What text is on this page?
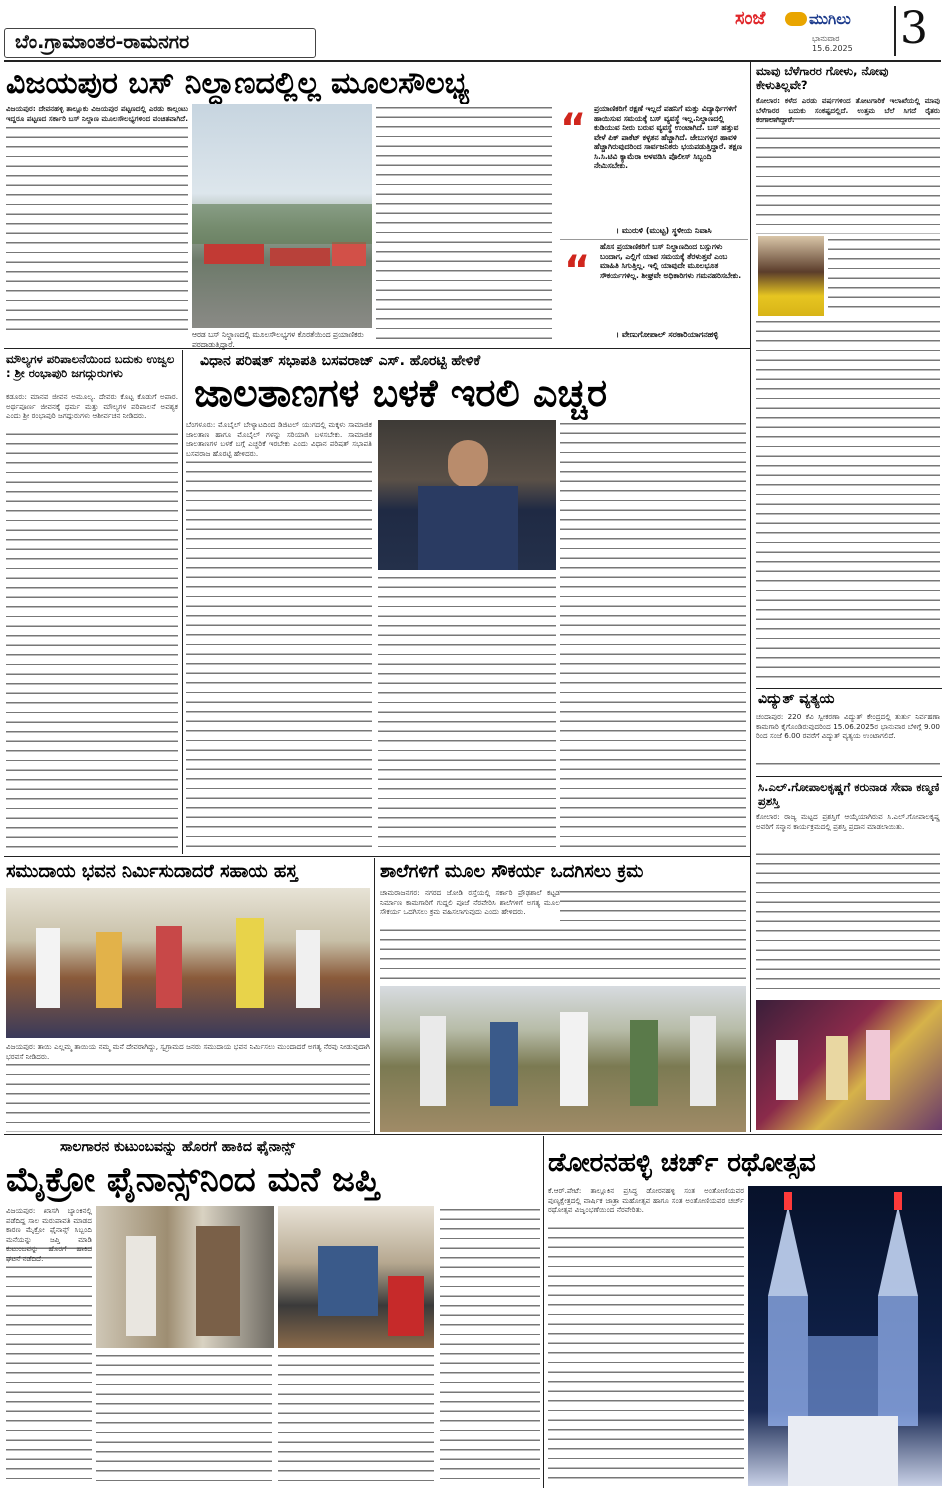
ಬೆಂ.ಗ್ರಾಮಾಂತರ-ರಾಮನಗರ
ಸಂಜೆ	ಮುಗಿಲು
ಭಾನುವಾರ
15.6.2025 3
ವಿಜಯಪುರ ಬಸ್ ನಿಲ್ದಾಣದಲ್ಲಿಲ್ಲ ಮೂಲಸೌಲಭ್ಯ

ವಿಜಯಪುರ: ದೇವನಹಳ್ಳಿ ತಾಲ್ಲೂಕು ವಿಜಯಪುರ ಪಟ್ಟಣದಲ್ಲಿ ಎರಡು ಕಾಲ್ಗಂಟು ಇದ್ದರೂ ಪಟ್ಟಣದ ಸರ್ಕಾರಿ ಬಸ್ ನಿಲ್ದಾಣ ಮೂಲಸೌಲಭ್ಯಗಳಿಂದ ವಂಚಿತವಾಗಿದೆ.

ಆರಡ ಬಸ್ ನಿಲ್ದಾಣದಲ್ಲಿ ಮೂಲಸೌಲಭ್ಯಗಳ ಕೊರತೆಯಿಂದ ಪ್ರಯಾಣಿಕರು ಪರದಾಡುತ್ತಿದ್ದಾರೆ.
“ ಪ್ರಯಾಣಿಕರಿಗೆ ರಕ್ಷಣೆ ಇಲ್ಲದೆ ಪಹನಿಗೆ ಮತ್ತು ವಿದ್ಯಾರ್ಥಿಗಳಿಗೆ ಹಾಯಿಸುವ ಸಮಯಕ್ಕೆ ಬಸ್ ವ್ಯವಸ್ಥೆ ಇಲ್ಲ.ನಿಲ್ದಾಣದಲ್ಲಿ ಕುಡಿಯುವ ನೀರು ಬರುವ ವ್ಯವಸ್ಥೆ ಉಂಟಾಗಿದೆ. ಬಸ್ ಹತ್ತುವ ವೇಳೆ ಪಿಕ್ ಪಾಕೆಟ್ ಕಳ್ಳತನ ಹೆಚ್ಚಾಗಿದೆ. ಜೇಬುಗಳ್ಳರ ಹಾವಳಿ ಹೆಚ್ಚಾಗಿರುವುದರಿಂದ ಸಾರ್ವಜನಿಕರು ಭಯಪಡುತ್ತಿದ್ದಾರೆ. ತಕ್ಷಣ ಸಿ.ಸಿ.ಟಿವಿ ಕ್ಯಾಮೆರಾ ಅಳವಡಿಸಿ ಪೊಲೀಸ್ ಸಿಬ್ಬಂದಿ ನೇಮಿಸಬೇಕು.
। ಮುರುಳಿ (ಮುಟ್ಟ) ಸ್ಥಳೀಯ ನಿವಾಸಿ
“
ಹೊಸ ಪ್ರಯಾಣಿಕರಿಗೆ ಬಸ್ ನಿಲ್ದಾಣದಿಂದ ಬಸ್ಸುಗಳು ಬಂದಾಗ, ಎಲ್ಲಿಗೆ ಯಾವ ಸಮಯಕ್ಕೆ ತೆರಳುತ್ತವೆ ಎಂಬ ಮಾಹಿತಿ ಸಿಗುತ್ತಿಲ್ಲ. ಇಲ್ಲಿ ಯಾವುದೇ ಮೂಲಭೂತ ಸೌಕರ್ಯಗಳಿಲ್ಲ. ಶೀಘ್ರವೇ ಅಧಿಕಾರಿಗಳು ಗಮನಹರಿಸಬೇಕು.
। ವೇಣುಗೋಪಾಲ್ ಸರಕಾರಿಯಾಗನಹಳ್ಳಿ
ಮಾವು ಬೆಳೆಗಾರರ ಗೋಳು, ನೋವು ಕೇಳುತಿಲ್ಲವೇ?
ಕೋಲಾರ: ಕಳೆದ ಎರಡು ವರ್ಷಗಳಿಂದ ತೋಟಗಾರಿಕೆ ಇಲಾಖೆಯಲ್ಲಿ ಮಾವು ಬೆಳೆಗಾರರ ಬದುಕು ಸಂಕಷ್ಟದಲ್ಲಿದೆ. ಉತ್ತಮ ಬೆಲೆ ಸಿಗದೆ ರೈತರು ಕಂಗಾಲಾಗಿದ್ದಾರೆ.
ವಿದ್ಯುತ್ ವ್ಯತ್ಯಯ
ಚಂದಾಪುರ: 220 ಕೆವಿ ಸ್ವೀಕರಣಾ ವಿದ್ಯುತ್ ಕೇಂದ್ರದಲ್ಲಿ ತುರ್ತು ನಿರ್ವಹಣಾ ಕಾಮಗಾರಿ ಕೈಗೊಂಡಿರುವುದರಿಂದ 15.06.2025ರ ಭಾನುವಾರ ಬೆಳಿಗ್ಗೆ 9.00 ರಿಂದ ಸಂಜೆ 6.00 ರವರೆಗೆ ವಿದ್ಯುತ್ ವ್ಯತ್ಯಯ ಉಂಟಾಗಲಿದೆ.
ಸಿ.ಎಲ್.ಗೋಪಾಲಕೃಷ್ಣಗೆ ಕರುನಾಡ ಸೇವಾ ಕಣ್ಮಣಿ ಪ್ರಶಸ್ತಿ
ಕೋಲಾರ: ರಾಜ್ಯ ಮಟ್ಟದ ಪ್ರಶಸ್ತಿಗೆ ಆಯ್ಕೆಯಾಗಿರುವ ಸಿ.ಎಲ್.ಗೋಪಾಲಕೃಷ್ಣ ಅವರಿಗೆ ಸನ್ಮಾನ ಕಾರ್ಯಕ್ರಮದಲ್ಲಿ ಪ್ರಶಸ್ತಿ ಪ್ರದಾನ ಮಾಡಲಾಯಿತು.
ಮೌಲ್ಯಗಳ ಪರಿಪಾಲನೆಯಿಂದ ಬದುಕು ಉಜ್ವಲ : ಶ್ರೀ ರಂಭಾಪುರಿ ಜಗದ್ಗುರುಗಳು
ಕಡೂರು: ಮಾನವ ಜೀವನ ಅಮೂಲ್ಯ. ದೇವರು ಕೊಟ್ಟ ಕೊಡುಗೆ ಅಪಾರ. ಅರ್ಥಪೂರ್ಣ ಜೀವನಕ್ಕೆ ಧರ್ಮ ಮತ್ತು ಮೌಲ್ಯಗಳ ಪರಿಪಾಲನೆ ಅವಶ್ಯಕ ಎಂದು ಶ್ರೀ ರಂಭಾಪುರಿ ಜಗದ್ಗುರುಗಳು ಆಶೀರ್ವಚನ ನೀಡಿದರು.
ವಿಧಾನ ಪರಿಷತ್ ಸಭಾಪತಿ ಬಸವರಾಜ್ ಎಸ್. ಹೊರಟ್ಟಿ ಹೇಳಿಕೆ
ಜಾಲತಾಣಗಳ ಬಳಕೆ ಇರಲಿ ಎಚ್ಚರ
ಬೆಂಗಳೂರು: ಮೊಬೈಲ್ ಬೇಳ್ಯಾಟದಿಂದ ಡಿಜಿಟಲ್ ಯುಗದಲ್ಲಿ ಮಕ್ಕಳು ಸಾಮಾಜಿಕ ಜಾಲತಾಣ ಹಾಗೂ ಮೊಬೈಲ್ ಗಳನ್ನು ಸರಿಯಾಗಿ ಬಳಸಬೇಕು. ಸಾಮಾಜಿಕ ಜಾಲತಾಣಗಳ ಬಳಕೆ ಬಗ್ಗೆ ಎಚ್ಚರಿಕೆ ಇರಬೇಕು ಎಂದು ವಿಧಾನ ಪರಿಷತ್ ಸಭಾಪತಿ ಬಸವರಾಜ ಹೊರಟ್ಟಿ ಹೇಳಿದರು.
ಸಮುದಾಯ ಭವನ ನಿರ್ಮಿಸುದಾದರೆ ಸಹಾಯ ಹಸ್ತ
ವಿಜಯಪುರ: ತಾಯಿ ಎಲ್ಲಮ್ಮ ತಾಯಿಯ ನಮ್ಮ ಮನೆ ದೇವರಾಗಿದ್ದು, ಸ್ವಗ್ರಾಮದ ಜನರು ಸಮುದಾಯ ಭವನ ನಿರ್ಮಿಸಲು ಮುಂದಾದರೆ ಅಗತ್ಯ ನೆರವು ನೀಡುವುದಾಗಿ ಭರವಸೆ ನೀಡಿದರು.
ಶಾಲೆಗಳಿಗೆ ಮೂಲ ಸೌಕರ್ಯ ಒದಗಿಸಲು ಕ್ರಮ
ಚಾಮರಾಜನಗರ: ನಗರದ ಜೋಡಿ ರಸ್ತೆಯಲ್ಲಿ ಸರ್ಕಾರಿ ಪ್ರೌಢಶಾಲೆ ಕಟ್ಟಡ ನಿರ್ಮಾಣ ಕಾಮಗಾರಿಗೆ ಗುದ್ದಲಿ ಪೂಜೆ ನೆರವೇರಿಸಿ ಶಾಲೆಗಳಿಗೆ ಅಗತ್ಯ ಮೂಲ ಸೌಕರ್ಯ ಒದಗಿಸಲು ಕ್ರಮ ವಹಿಸಲಾಗುವುದು ಎಂದು ಹೇಳಿದರು.
ಸಾಲಗಾರನ ಕುಟುಂಬವನ್ನು ಹೊರಗೆ ಹಾಕಿದ ಫೈನಾನ್ಸ್
ಮೈಕ್ರೋ ಫೈನಾನ್ಸ್‌ನಿಂದ ಮನೆ ಜಪ್ತಿ
ವಿಜಯಪುರ: ಖಾಸಗಿ ಬ್ಯಾಂಕಿನಲ್ಲಿ ಪಡೆದಿದ್ದ ಸಾಲ ಮರುಪಾವತಿ ಮಾಡದ ಕಾರಣ ಮೈಕ್ರೋ ಫೈನಾನ್ಸ್ ಸಿಬ್ಬಂದಿ ಮನೆಯನ್ನು ಜಪ್ತಿ ಮಾಡಿ ಕುಟುಂಬವನ್ನು ಹೊರಗೆ ಹಾಕಿದ ಘಟನೆ ನಡೆದಿದೆ.
ಡೋರನಹಳ್ಳಿ ಚರ್ಚ್ ರಥೋತ್ಸವ
ಕೆ.ಆರ್.ಪೇಟೆ: ತಾಲ್ಲೂಕಿನ ಪ್ರಸಿದ್ಧ ಡೋರನಹಳ್ಳಿ ಸಂತ ಅಂತೋಣಿಯವರ ಪುಣ್ಯಕ್ಷೇತ್ರದಲ್ಲಿ ವಾರ್ಷಿಕ ಜಾತ್ರಾ ಮಹೋತ್ಸವ ಹಾಗೂ ಸಂತ ಅಂತೋಣಿಯವರ ಚರ್ಚ್ ರಥೋತ್ಸವ ವಿಜೃಂಭಣೆಯಿಂದ ನೆರವೇರಿತು.
